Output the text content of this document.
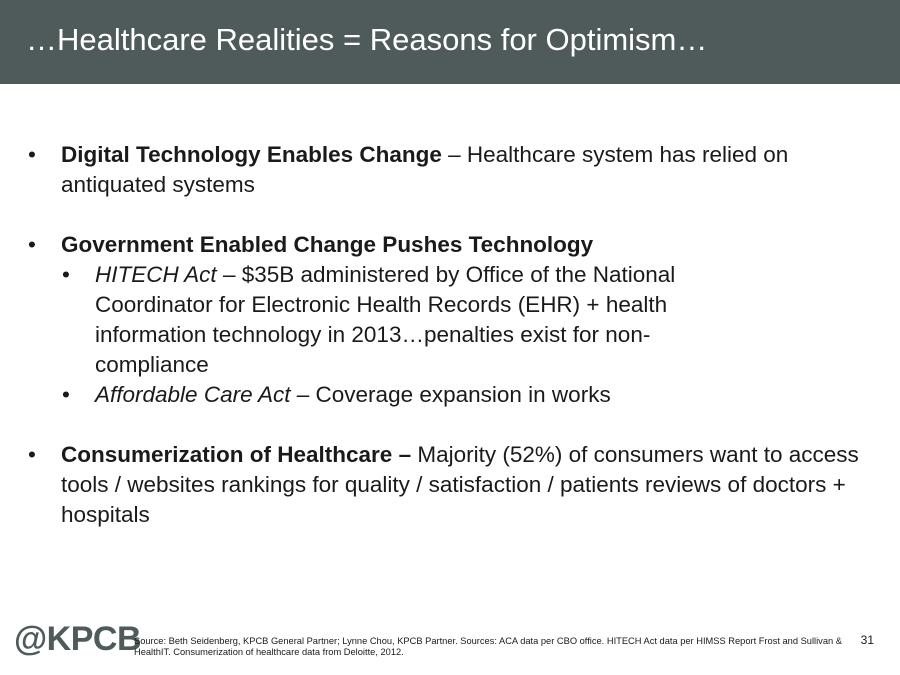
…Healthcare Realities = Reasons for Optimism…
• Digital Technology Enables Change – Healthcare system has relied on antiquated systems
• Government Enabled Change Pushes Technology
• HITECH Act – $35B administered by Office of the National Coordinator for Electronic Health Records (EHR) + health information technology in 2013…penalties exist for non-compliance
• Affordable Care Act – Coverage expansion in works
• Consumerization of Healthcare – Majority (52%) of consumers want to access tools / websites rankings for quality / satisfaction / patients reviews of doctors + hospitals
@KPCB
Source: Beth Seidenberg, KPCB General Partner; Lynne Chou, KPCB Partner. Sources: ACA data per CBO office. HITECH Act data per HIMSS Report Frost and Sullivan & HealthIT. Consumerization of healthcare data from Deloitte, 2012.
31
